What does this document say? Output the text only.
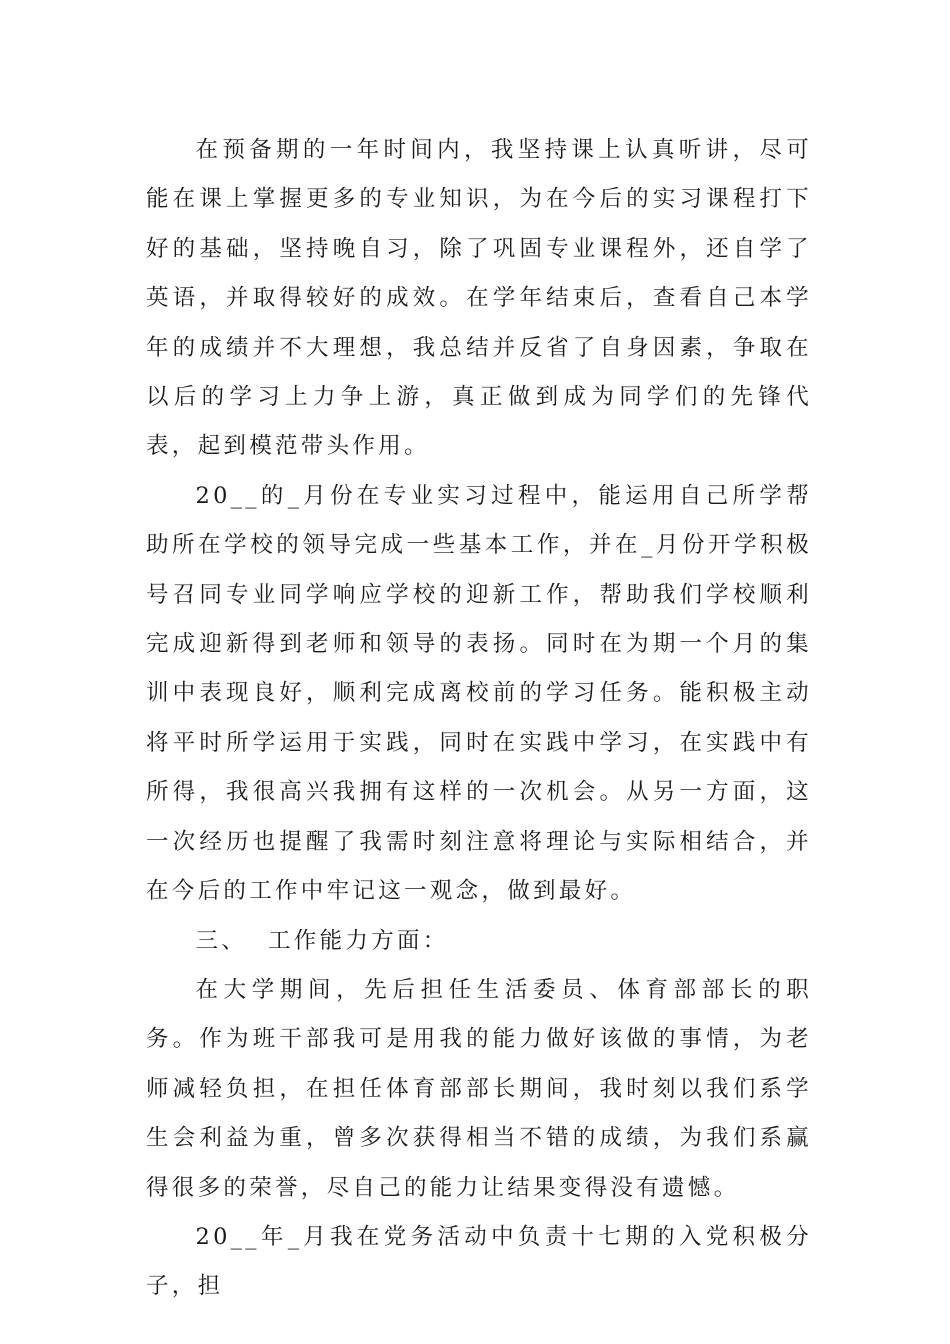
在预备期的一年时间内，我坚持课上认真听讲，尽可能在课上掌握更多的专业知识，为在今后的实习课程打下好的基础，坚持晚自习，除了巩固专业课程外，还自学了英语，并取得较好的成效。在学年结束后，查看自己本学年的成绩并不大理想，我总结并反省了自身因素，争取在以后的学习上力争上游，真正做到成为同学们的先锋代表，起到模范带头作用。

20__的_月份在专业实习过程中，能运用自己所学帮助所在学校的领导完成一些基本工作，并在_月份开学积极号召同专业同学响应学校的迎新工作，帮助我们学校顺利完成迎新得到老师和领导的表扬。同时在为期一个月的集训中表现良好，顺利完成离校前的学习任务。能积极主动将平时所学运用于实践，同时在实践中学习，在实践中有所得，我很高兴我拥有这样的一次机会。从另一方面，这一次经历也提醒了我需时刻注意将理论与实际相结合，并在今后的工作中牢记这一观念，做到最好。

三、  工作能力方面：

在大学期间，先后担任生活委员、体育部部长的职务。作为班干部我可是用我的能力做好该做的事情，为老师减轻负担，在担任体育部部长期间，我时刻以我们系学生会利益为重，曾多次获得相当不错的成绩，为我们系赢得很多的荣誉，尽自己的能力让结果变得没有遗憾。

20__年_月我在党务活动中负责十七期的入党积极分子，担
